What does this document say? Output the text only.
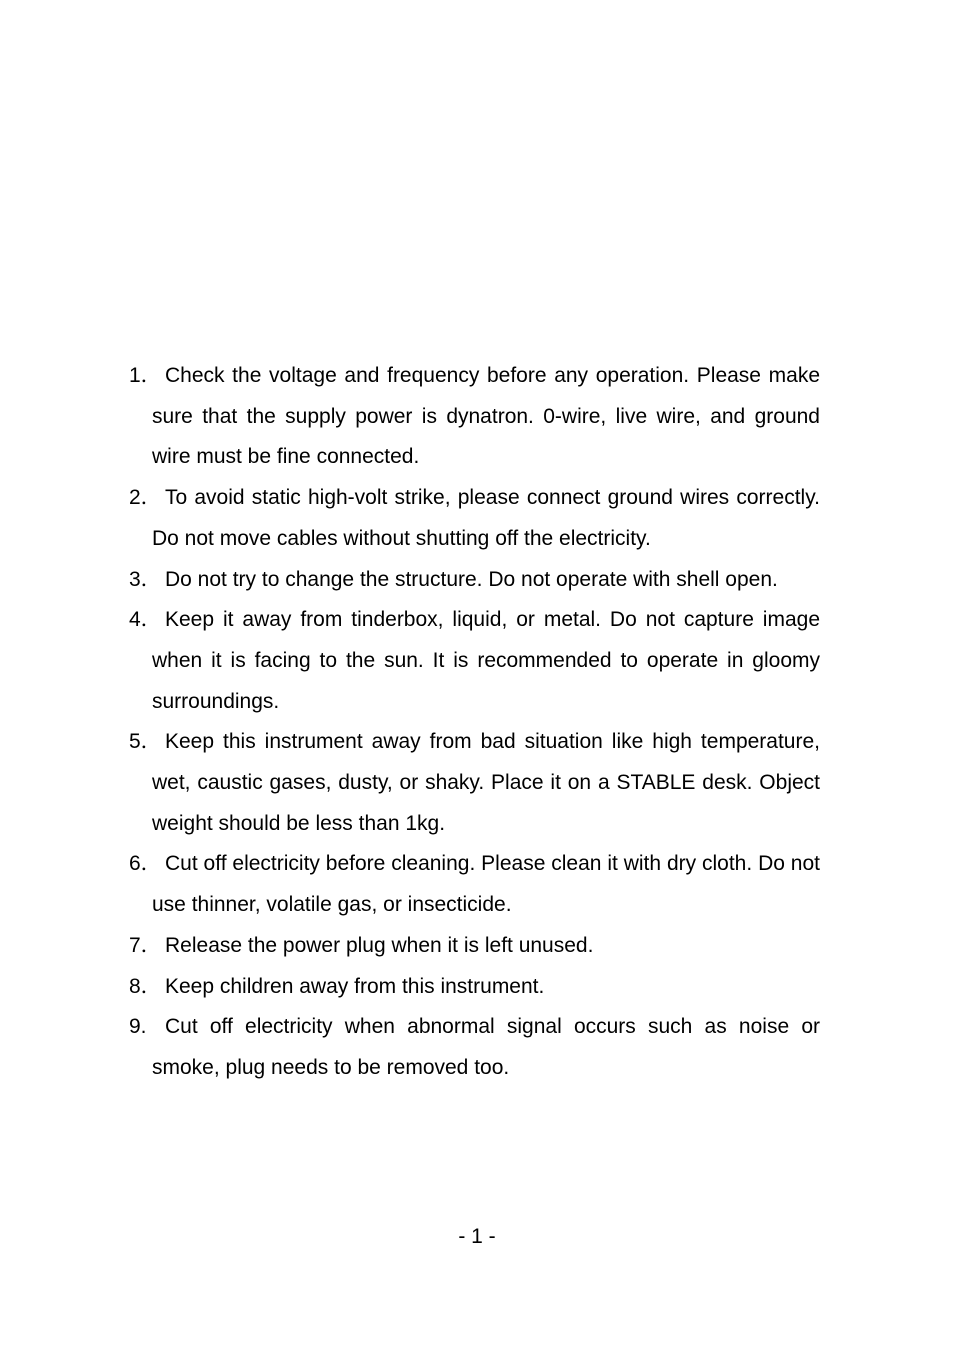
1． Check the voltage and frequency before any operation. Please make sure that the supply power is dynatron. 0-wire, live wire, and ground wire must be fine connected.
2． To avoid static high-volt strike, please connect ground wires correctly. Do not move cables without shutting off the electricity.
3． Do not try to change the structure. Do not operate with shell open.
4． Keep it away from tinderbox, liquid, or metal. Do not capture image when it is facing to the sun. It is recommended to operate in gloomy surroundings.
5． Keep this instrument away from bad situation like high temperature, wet, caustic gases, dusty, or shaky. Place it on a STABLE desk. Object weight should be less than 1kg.
6． Cut off electricity before cleaning. Please clean it with dry cloth. Do not use thinner, volatile gas, or insecticide.
7． Release the power plug when it is left unused.
8． Keep children away from this instrument.
9. Cut off electricity when abnormal signal occurs such as noise or smoke, plug needs to be removed too.
- 1 -
